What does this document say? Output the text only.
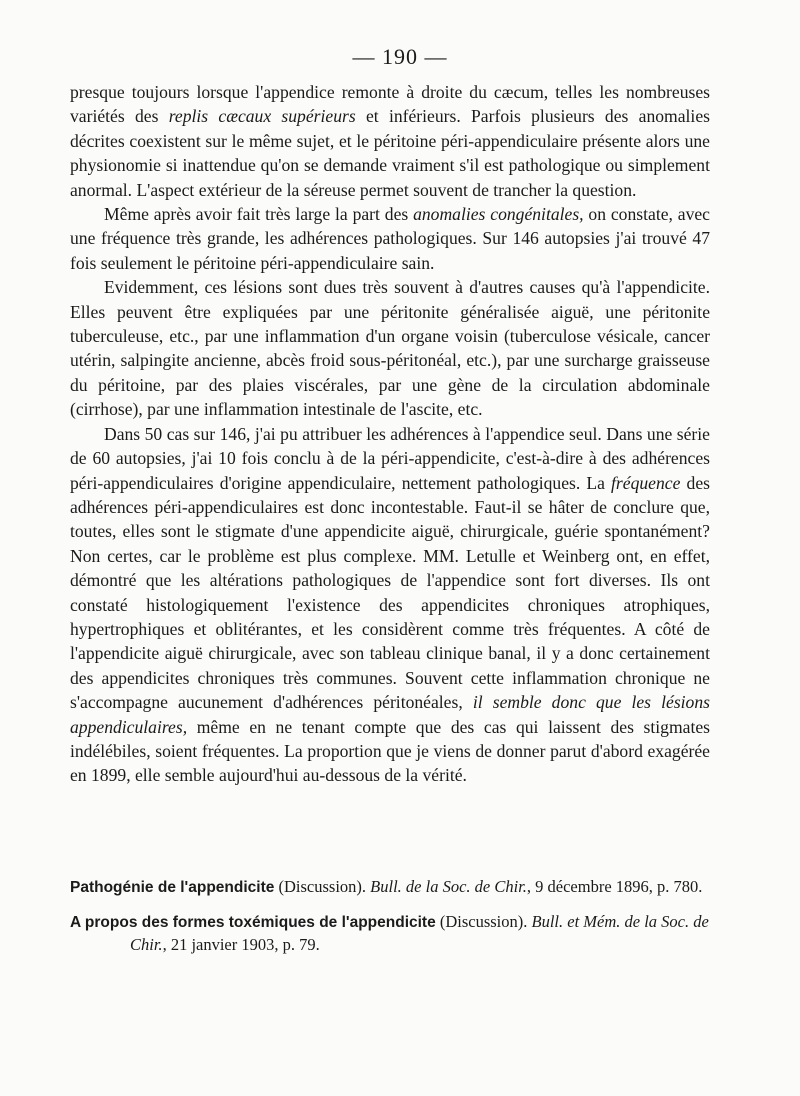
— 190 —

presque toujours lorsque l'appendice remonte à droite du cæcum, telles les nombreuses variétés des replis cæcaux supérieurs et inférieurs. Parfois plusieurs des anomalies décrites coexistent sur le même sujet, et le péritoine péri-appendiculaire présente alors une physionomie si inattendue qu'on se demande vraiment s'il est pathologique ou simplement anormal. L'aspect extérieur de la séreuse permet souvent de trancher la question.

Même après avoir fait très large la part des anomalies congénitales, on constate, avec une fréquence très grande, les adhérences pathologiques. Sur 146 autopsies j'ai trouvé 47 fois seulement le péritoine péri-appendiculaire sain.

Evidemment, ces lésions sont dues très souvent à d'autres causes qu'à l'appendicite. Elles peuvent être expliquées par une péritonite généralisée aiguë, une péritonite tuberculeuse, etc., par une inflammation d'un organe voisin (tuberculose vésicale, cancer utérin, salpingite ancienne, abcès froid sous-péritonéal, etc.), par une surcharge graisseuse du péritoine, par des plaies viscérales, par une gène de la circulation abdominale (cirrhose), par une inflammation intestinale de l'ascite, etc.

Dans 50 cas sur 146, j'ai pu attribuer les adhérences à l'appendice seul. Dans une série de 60 autopsies, j'ai 10 fois conclu à de la péri-appendicite, c'est-à-dire à des adhérences péri-appendiculaires d'origine appendiculaire, nettement pathologiques. La fréquence des adhérences péri-appendiculaires est donc incontestable. Faut-il se hâter de conclure que, toutes, elles sont le stigmate d'une appendicite aiguë, chirurgicale, guérie spontanément? Non certes, car le problème est plus complexe. MM. Letulle et Weinberg ont, en effet, démontré que les altérations pathologiques de l'appendice sont fort diverses. Ils ont constaté histologiquement l'existence des appendicites chroniques atrophiques, hypertrophiques et oblitérantes, et les considèrent comme très fréquentes. A côté de l'appendicite aiguë chirurgicale, avec son tableau clinique banal, il y a donc certainement des appendicites chroniques très communes. Souvent cette inflammation chronique ne s'accompagne aucunement d'adhérences péritonéales, il semble donc que les lésions appendiculaires, même en ne tenant compte que des cas qui laissent des stigmates indélébiles, soient fréquentes. La proportion que je viens de donner parut d'abord exagérée en 1899, elle semble aujourd'hui au-dessous de la vérité.

Pathogénie de l'appendicite (Discussion). Bull. de la Soc. de Chir., 9 décembre 1896, p. 780.

A propos des formes toxémiques de l'appendicite (Discussion). Bull. et Mém. de la Soc. de Chir., 21 janvier 1903, p. 79.
